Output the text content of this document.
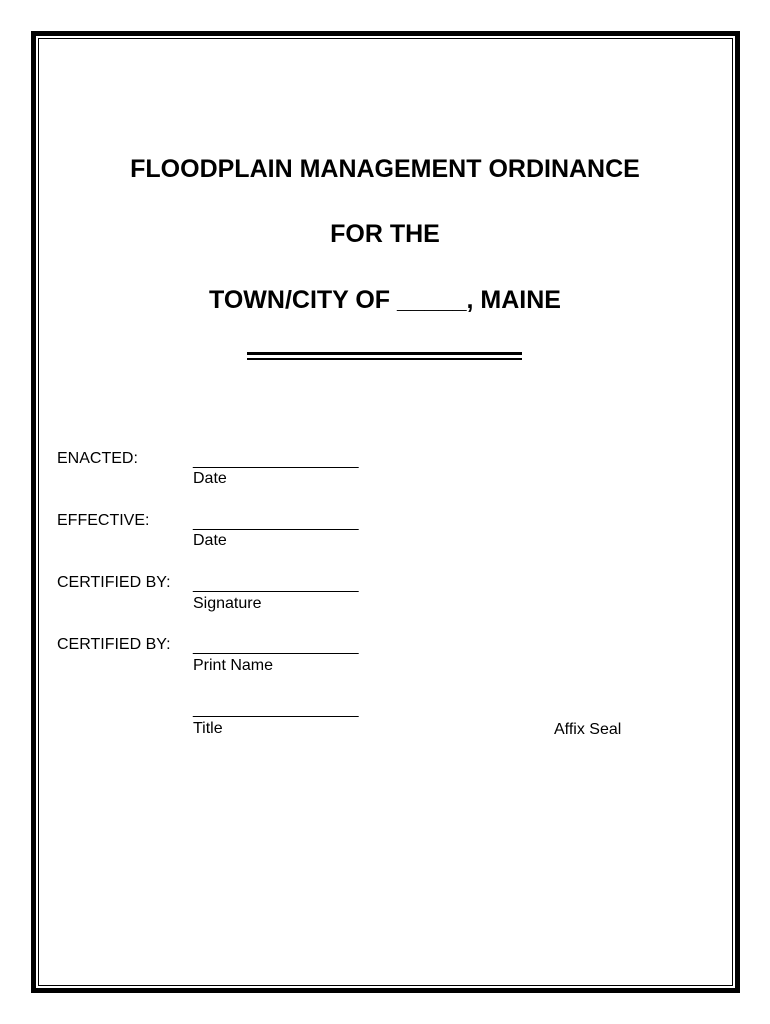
FLOODPLAIN MANAGEMENT ORDINANCE
FOR THE
TOWN/CITY OF _____, MAINE
ENACTED:	___________________
Date
EFFECTIVE:	___________________
Date
CERTIFIED BY: ___________________
Signature
CERTIFIED BY: ___________________
Print Name
___________________
Title	Affix Seal
